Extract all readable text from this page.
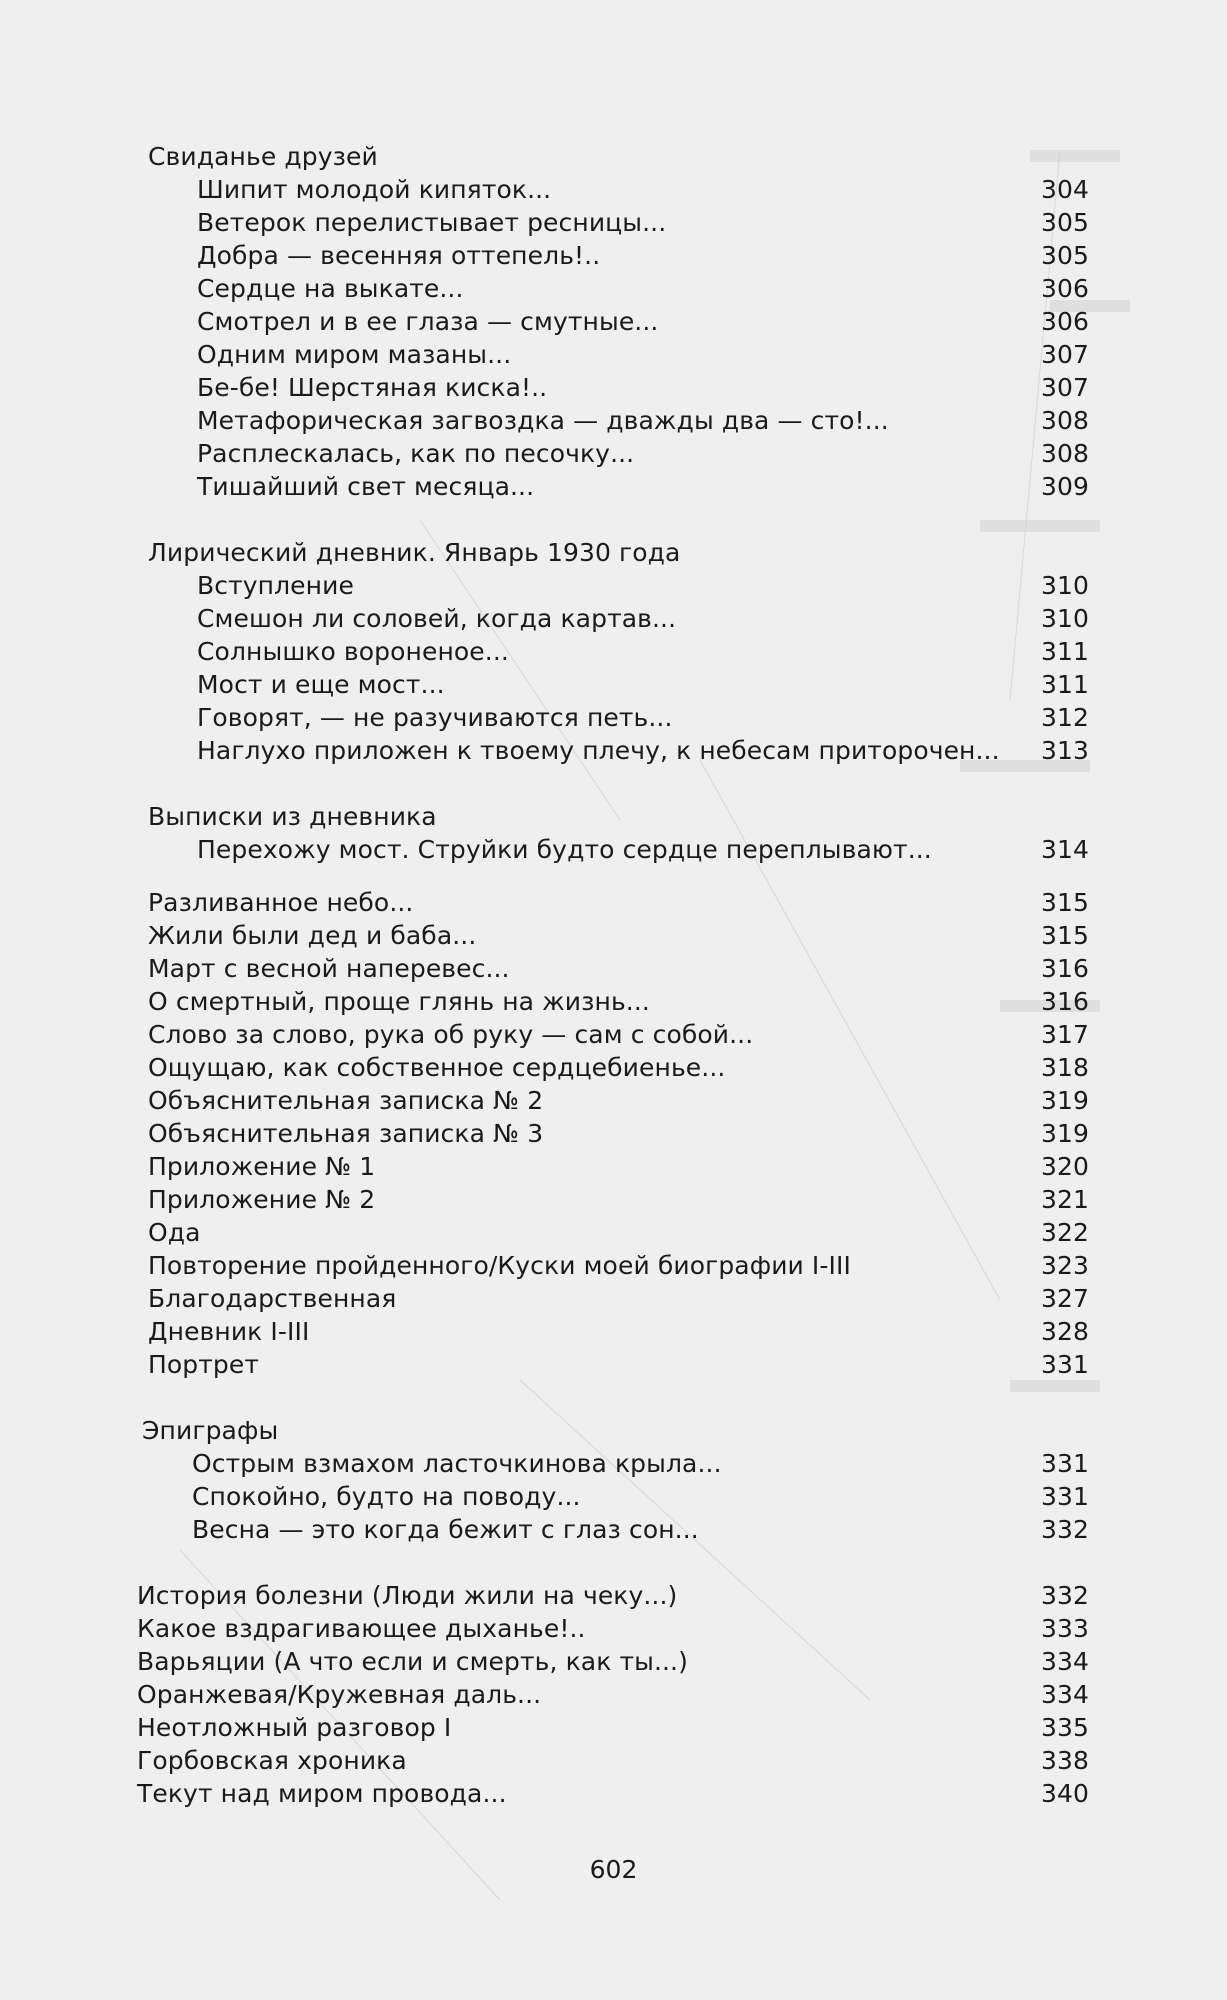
Свиданье друзей
Шипит молодой кипяток...	304
Ветерок перелистывает ресницы...	305
Добра — весенняя оттепель!..	305
Сердце на выкате...	306
Смотрел и в ее глаза — смутные...	306
Одним миром мазаны...	307
Бе-бе! Шерстяная киска!..	307
Метафорическая загвоздка — дважды два — сто!...	308
Расплескалась, как по песочку...	308
Тишайший свет месяца...	309
Лирический дневник. Январь 1930 года
Вступление	310
Смешон ли соловей, когда картав...	310
Солнышко вороненое...	311
Мост и еще мост...	311
Говорят, — не разучиваются петь...	312
Наглухо приложен к твоему плечу, к небесам приторочен... 313
Выписки из дневника
Перехожу мост. Струйки будто сердце переплывают...	314
Разливанное небо...	315
Жили были дед и баба...	315
Март с весной наперевес...	316
О смертный, проще глянь на жизнь...	316
Слово за слово, рука об руку — сам с собой...	317
Ощущаю, как собственное сердцебиенье...	318
Объяснительная записка № 2	319
Объяснительная записка № 3	319
Приложение № 1	320
Приложение № 2	321
Ода	322
Повторение пройденного/Куски моей биографии I-III	323
Благодарственная	327
Дневник I-III	328
Портрет	331
Эпиграфы
Острым взмахом ласточкинова крыла...	331
Спокойно, будто на поводу...	331
Весна — это когда бежит с глаз сон...	332
История болезни (Люди жили на чеку...)	332
Какое вздрагивающее дыханье!..	333
Варьяции (А что если и смерть, как ты...)	334
Оранжевая/Кружевная даль...	334
Неотложный разговор I	335
Горбовская хроника	338
Текут над миром провода...	340
602
